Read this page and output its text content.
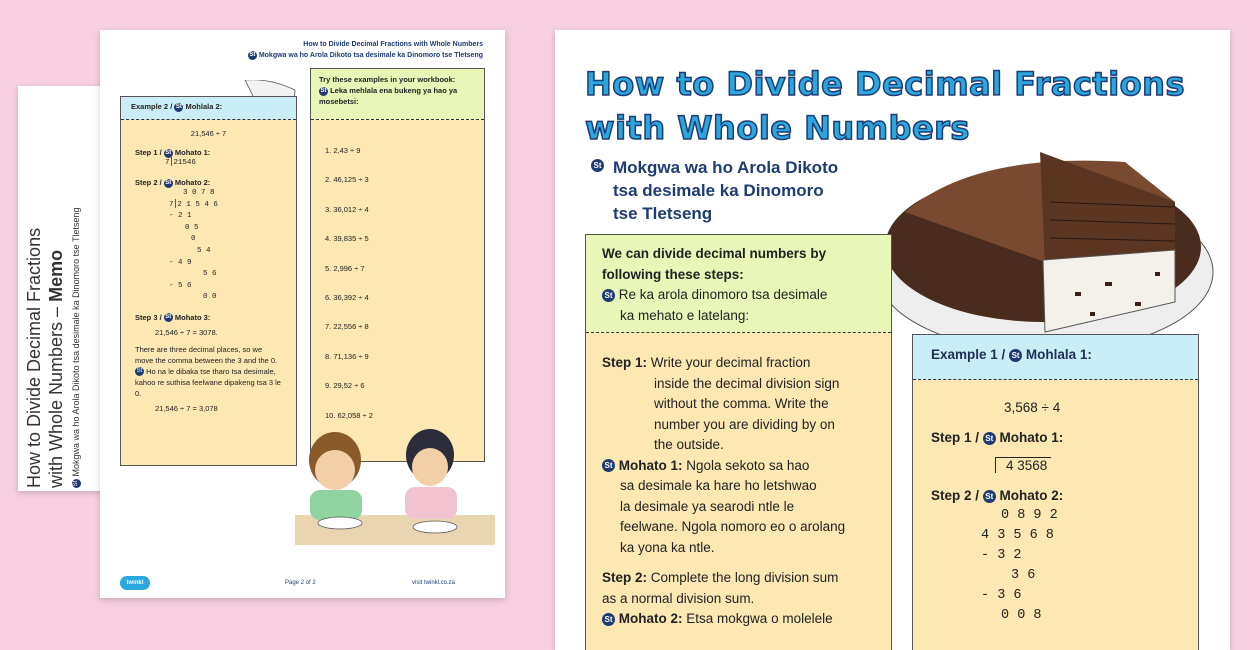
How to Divide Decimal Fractions with Whole Numbers – Memo
St Mokgwa wa ho Arola Dikoto tsa desimale ka Dinomoro tse Tletseng
How to Divide Decimal Fractions with Whole Numbers
St Mokgwa wa ho Arola Dikoto tsa desimale ka Dinomoro tse Tletseng
Example 2 / St Mohlala 2:
21,546 ÷ 7
Step 1 / St Mohato 1:
7⎮21546
Step 2 / St Mohato 2:
3 0 7 8
7⎮2 1 5 4 6
- 2 1
0 5
0
5 4
- 4 9
5 6
- 5 6
0 0
Step 3 / St Mohato 3:
21,546 ÷ 7 = 3078.
There are three decimal places, so we move the comma between the 3 and the 0.
St Ho na le dibaka tse tharo tsa desimale, kahoo re suthisa feelwane dipakeng tsa 3 le 0.
21,546 ÷ 7 = 3,078
Try these examples in your workbook:
St Leka mehlala ena bukeng ya hao ya mosebetsi:
1. 2,43 ÷ 9
2. 46,125 ÷ 3
3. 36,012 ÷ 4
4. 39,835 ÷ 5
5. 2,996 ÷ 7
6. 36,392 ÷ 4
7. 22,556 ÷ 8
8. 71,136 ÷ 9
9. 29,52 ÷ 6
10. 62,058 ÷ 2
twinkl	Page 2 of 2	visit twinkl.co.za
How to Divide Decimal Fractions
with Whole Numbers
St Mokgwa wa ho Arola Dikoto
tsa desimale ka Dinomoro
tse Tletseng
We can divide decimal numbers by
following these steps:
St Re ka arola dinomoro tsa desimale
ka mehato e latelang:
Step 1: Write your decimal fraction
inside the decimal division sign
without the comma. Write the
number you are dividing by on
the outside.
St Mohato 1: Ngola sekoto sa hao
sa desimale ka hare ho letshwao
la desimale ya searodi ntle le
feelwane. Ngola nomoro eo o arolang
ka yona ka ntle.
Step 2: Complete the long division sum
as a normal division sum.
St Mohato 2: Etsa mokgwa o molelele
Example 1 / St Mohlala 1:
3,568 ÷ 4
Step 1 / St Mohato 1:
4 3568
Step 2 / St Mohato 2:
0 8 9 2
4 3 5 6 8
- 3 2
3 6
- 3 6
0 0 8
